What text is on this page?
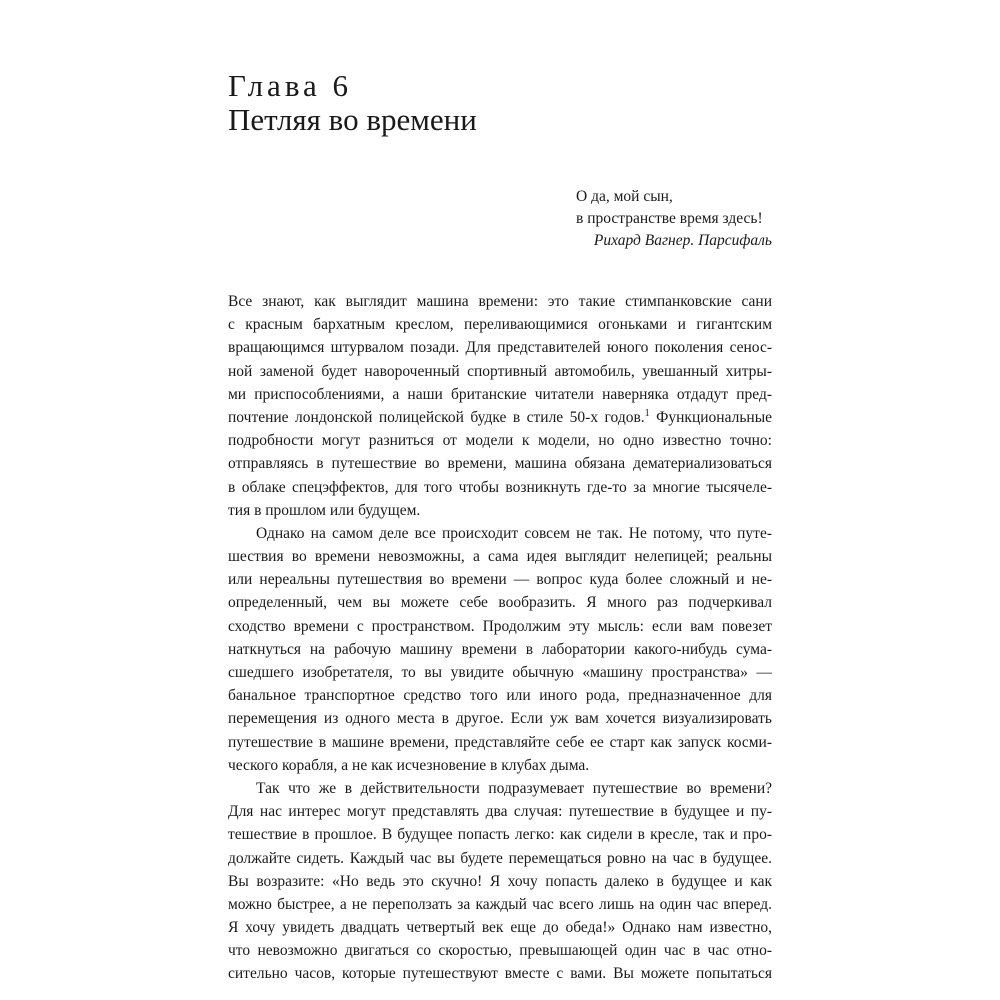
Глава 6
Петляя во времени
О да, мой сын,
в пространстве время здесь!
Рихард Вагнер. Парсифаль
Все знают, как выглядит машина времени: это такие стимпанковские сани
с красным бархатным креслом, переливающимися огоньками и гигантским
вращающимся штурвалом позади. Для представителей юного поколения сенос-
ной заменой будет навороченный спортивный автомобиль, увешанный хитры-
ми приспособлениями, а наши британские читатели наверняка отдадут пред-
почтение лондонской полицейской будке в стиле 50-х годов.$^1$ Функциональные
подробности могут разниться от модели к модели, но одно известно точно:
отправляясь в путешествие во времени, машина обязана дематериализоваться
в облаке спецэффектов, для того чтобы возникнуть где-то за многие тысячеле-
тия в прошлом или будущем.
Однако на самом деле все происходит совсем не так. Не потому, что путе-
шествия во времени невозможны, а сама идея выглядит нелепицей; реальны
или нереальны путешествия во времени — вопрос куда более сложный и не-
определенный, чем вы можете себе вообразить. Я много раз подчеркивал
сходство времени с пространством. Продолжим эту мысль: если вам повезет
наткнуться на рабочую машину времени в лаборатории какого-нибудь сума-
сшедшего изобретателя, то вы увидите обычную «машину пространства» —
банальное транспортное средство того или иного рода, предназначенное для
перемещения из одного места в другое. Если уж вам хочется визуализировать
путешествие в машине времени, представляйте себе ее старт как запуск косми-
ческого корабля, а не как исчезновение в клубах дыма.
Так что же в действительности подразумевает путешествие во времени?
Для нас интерес могут представлять два случая: путешествие в будущее и пу-
тешествие в прошлое. В будущее попасть легко: как сидели в кресле, так и про-
должайте сидеть. Каждый час вы будете перемещаться ровно на час в будущее.
Вы возразите: «Но ведь это скучно! Я хочу попасть далеко в будущее и как
можно быстрее, а не переползать за каждый час всего лишь на один час вперед.
Я хочу увидеть двадцать четвертый век еще до обеда!» Однако нам известно,
что невозможно двигаться со скоростью, превышающей один час в час отно-
сительно часов, которые путешествуют вместе с вами. Вы можете попытаться
